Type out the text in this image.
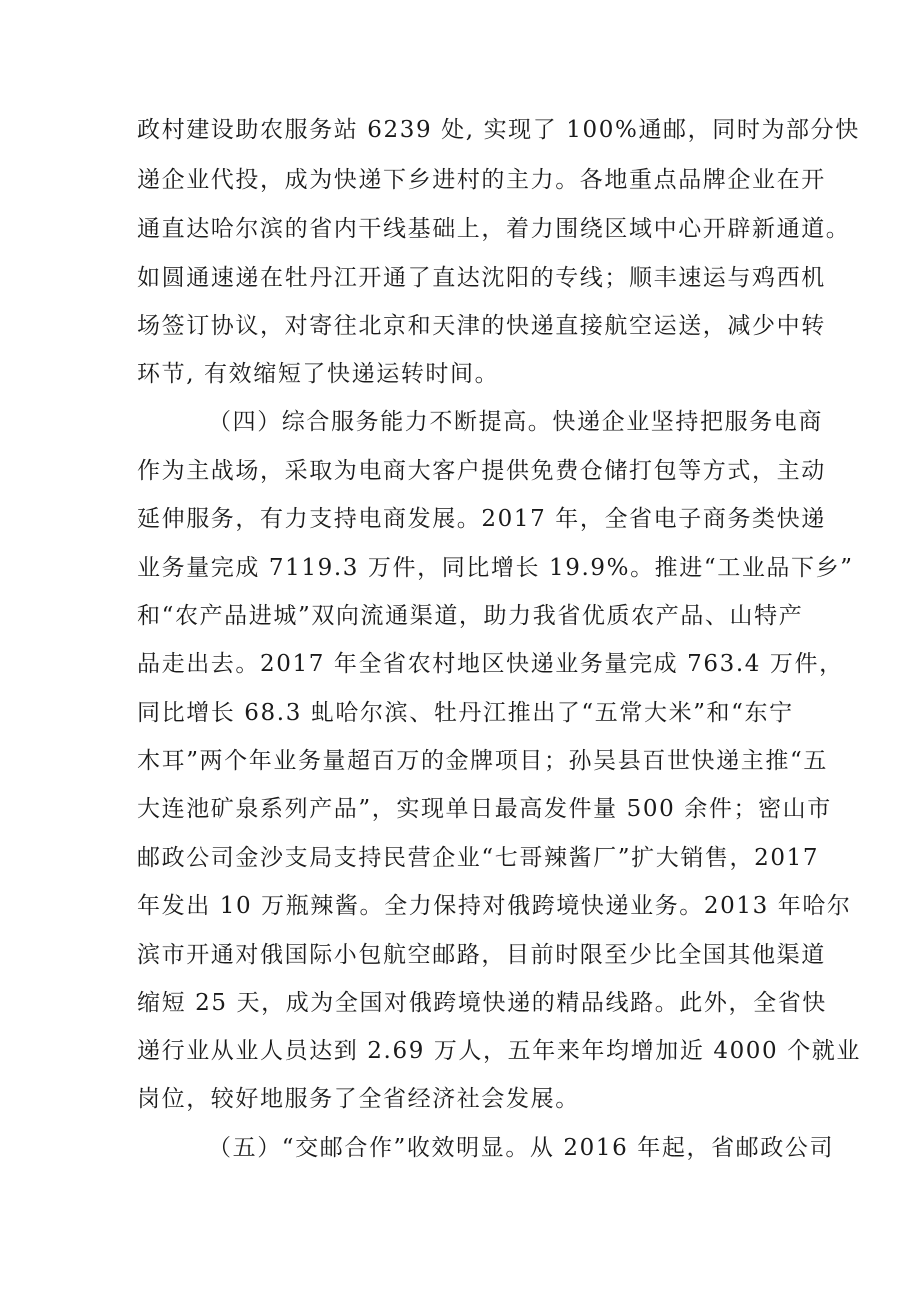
政村建设助农服务站 6239 处, 实现了 100%通邮，同时为部分快
递企业代投，成为快递下乡进村的主力。各地重点品牌企业在开
通直达哈尔滨的省内干线基础上，着力围绕区域中心开辟新通道。
如圆通速递在牡丹江开通了直达沈阳的专线；顺丰速运与鸡西机
场签订协议，对寄往北京和天津的快递直接航空运送，减少中转
环节, 有效缩短了快递运转时间。
（四）综合服务能力不断提高。快递企业坚持把服务电商
作为主战场，采取为电商大客户提供免费仓储打包等方式，主动
延伸服务，有力支持电商发展。2017 年，全省电子商务类快递
业务量完成 7119.3 万件，同比增长 19.9%。推进“工业品下乡”
和“农产品进城”双向流通渠道，助力我省优质农产品、山特产
品走出去。2017 年全省农村地区快递业务量完成 763.4 万件，
同比增长 68.3 虬哈尔滨、牡丹江推出了“五常大米”和“东宁
木耳”两个年业务量超百万的金牌项目；孙吴县百世快递主推“五
大连池矿泉系列产品”，实现单日最高发件量 500 余件；密山市
邮政公司金沙支局支持民营企业“七哥辣酱厂”扩大销售，2017
年发出 10 万瓶辣酱。全力保持对俄跨境快递业务。2013 年哈尔
滨市开通对俄国际小包航空邮路，目前时限至少比全国其他渠道
缩短 25 天，成为全国对俄跨境快递的精品线路。此外，全省快
递行业从业人员达到 2.69 万人，五年来年均增加近 4000 个就业
岗位，较好地服务了全省经济社会发展。
（五）“交邮合作”收效明显。从 2016 年起，省邮政公司
